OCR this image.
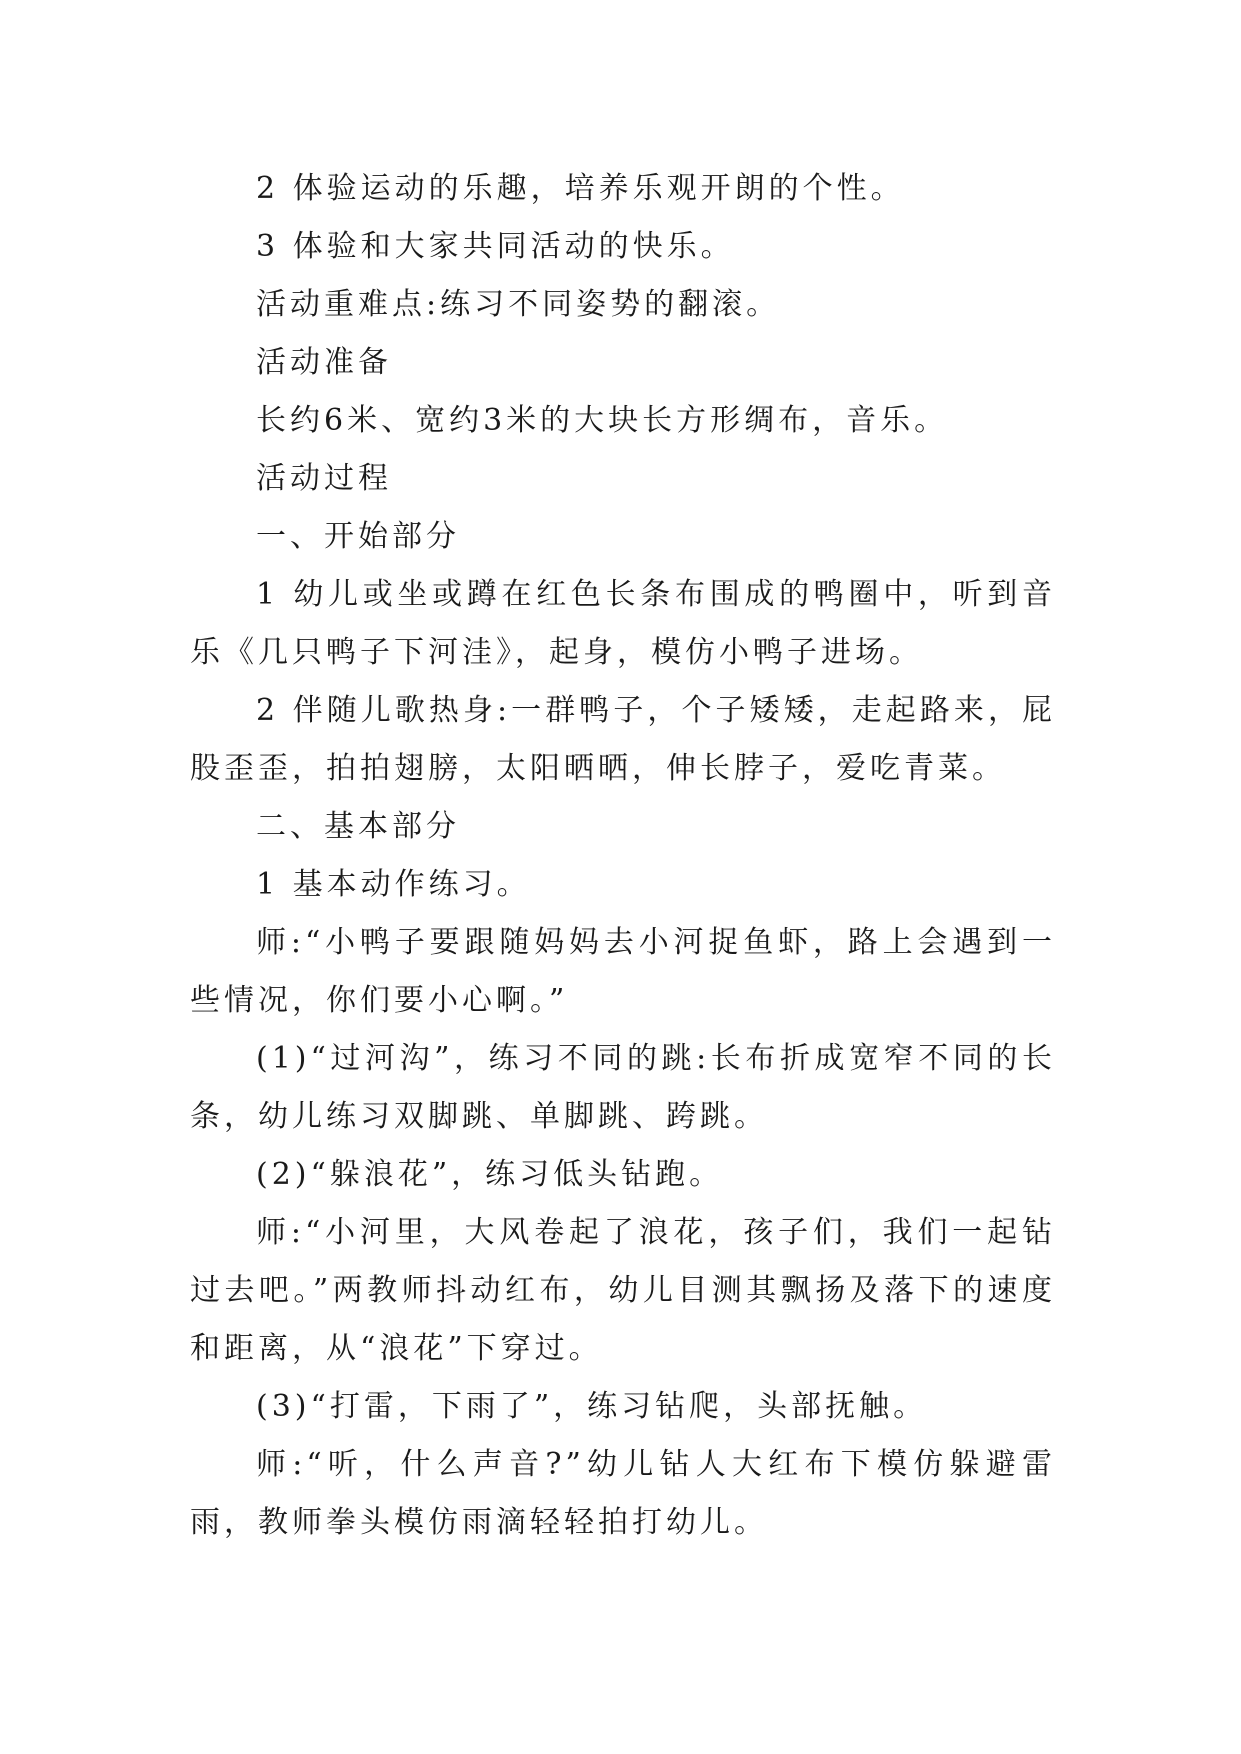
2 体验运动的乐趣，培养乐观开朗的个性。

3 体验和大家共同活动的快乐。

活动重难点:练习不同姿势的翻滚。

活动准备

长约6米、宽约3米的大块长方形绸布，音乐。

活动过程

一、开始部分

1 幼儿或坐或蹲在红色长条布围成的鸭圈中，听到音乐《几只鸭子下河洼》，起身，模仿小鸭子进场。

2 伴随儿歌热身:一群鸭子，个子矮矮，走起路来，屁股歪歪，拍拍翅膀，太阳晒晒，伸长脖子，爱吃青菜。

二、基本部分

1 基本动作练习。

师:“小鸭子要跟随妈妈去小河捉鱼虾，路上会遇到一些情况，你们要小心啊。”

(1)“过河沟”，练习不同的跳:长布折成宽窄不同的长条，幼儿练习双脚跳、单脚跳、跨跳。

(2)“躲浪花”，练习低头钻跑。

师:“小河里，大风卷起了浪花，孩子们，我们一起钻过去吧。”两教师抖动红布，幼儿目测其飘扬及落下的速度和距离，从“浪花”下穿过。

(3)“打雷，下雨了”，练习钻爬，头部抚触。

师:“听，什么声音?”幼儿钻人大红布下模仿躲避雷雨，教师拳头模仿雨滴轻轻拍打幼儿。
